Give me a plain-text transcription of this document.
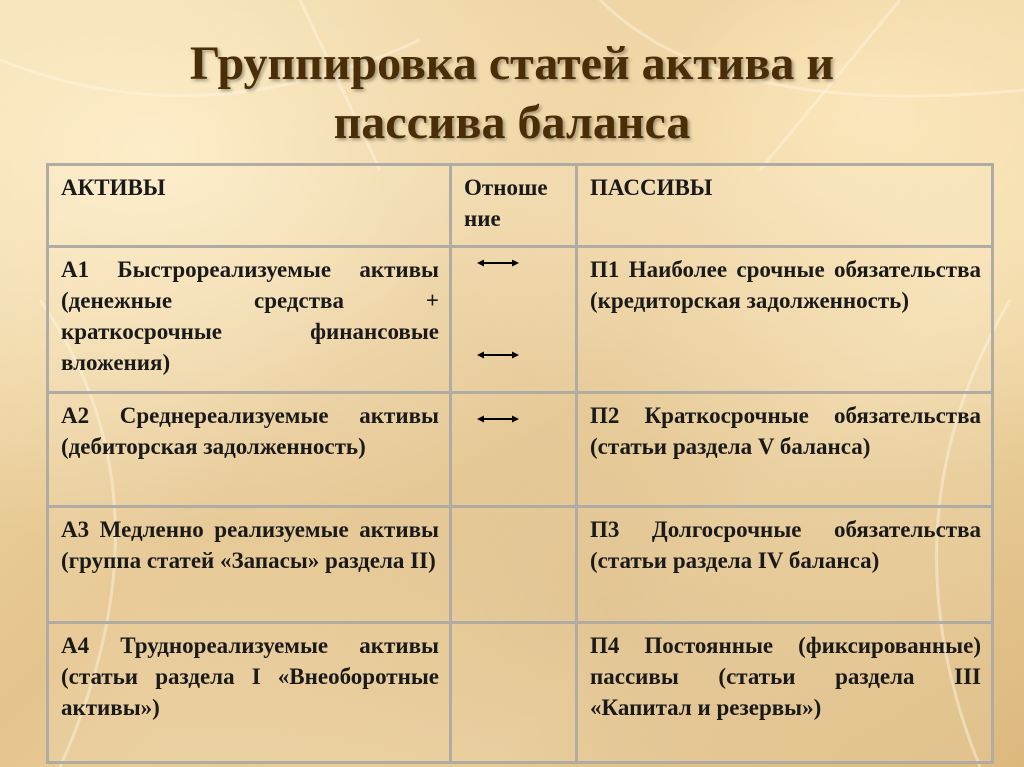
Группировка статей актива и
пассива баланса
АКТИВЫ	Отноше ние	ПАССИВЫ
А1 Быстрореализуемые активы (денежные средства + краткосрочные финансовые вложения)		П1 Наиболее срочные обязательства (кредиторская задолженность)
А2 Среднереализуемые активы (дебиторская задолженность)		П2 Краткосрочные обязательства (статьи раздела V баланса)
А3 Медленно реализуемые активы (группа статей «Запасы» раздела II)		П3 Долгосрочные обязательства (статьи раздела IV баланса)
А4 Труднореализуемые активы (статьи раздела I «Внеоборотные активы»)		П4 Постоянные (фиксированные) пассивы (статьи раздела III «Капитал и резервы»)
